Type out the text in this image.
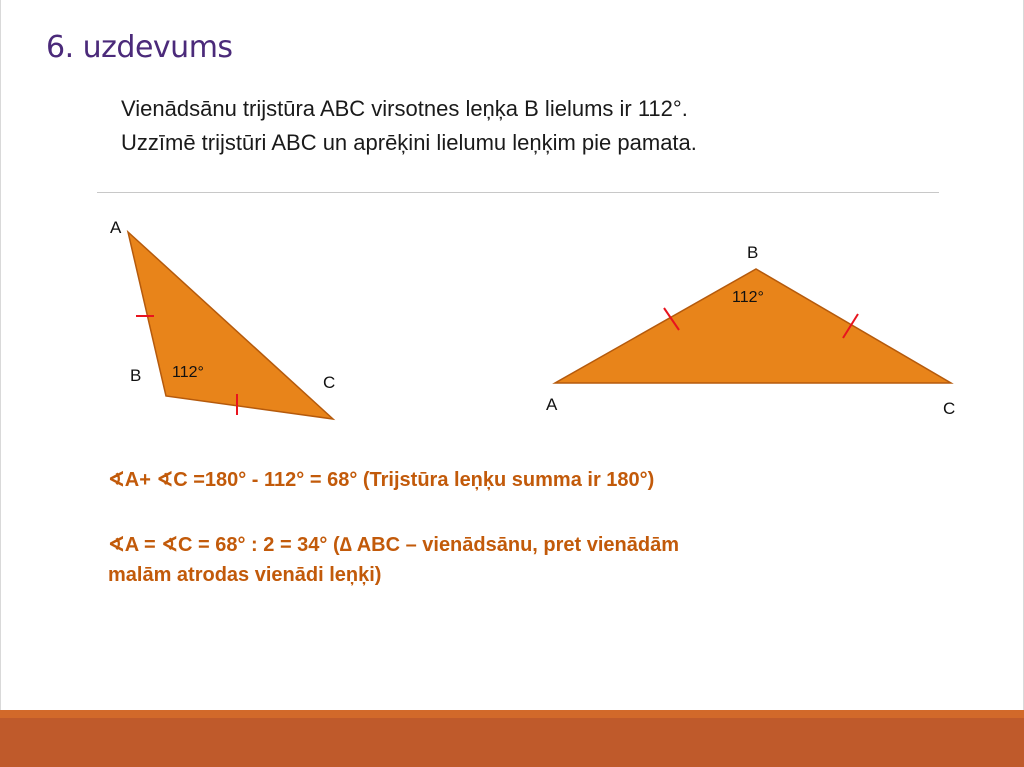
6. uzdevums
Vienādsānu trijstūra ABC virsotnes leņķa B lielums ir 112°.
Uzzīmē trijstūri ABC un aprēķini lielumu leņķim pie pamata.
A
B	C
112°
B
112°
A	C
∢A+ ∢C =180° - 112° = 68° (Trijstūra leņķu summa ir 180°)
∢A = ∢C = 68° : 2 = 34° (∆ ABC – vienādsānu, pret vienādām
malām atrodas vienādi leņķi)
